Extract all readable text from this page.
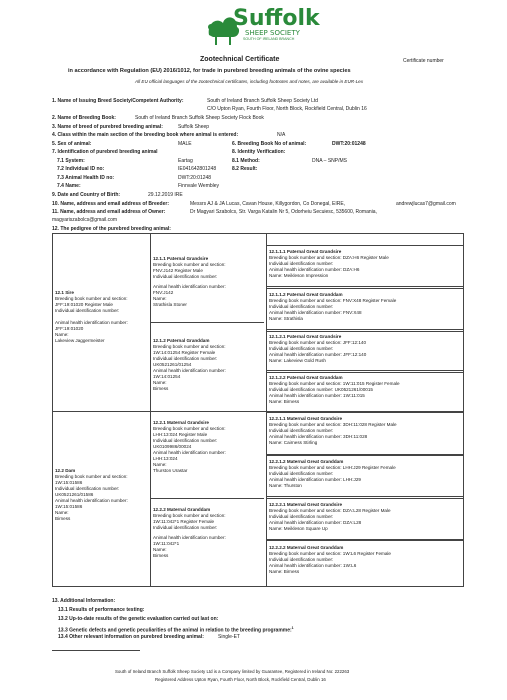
Suffolk
SHEEP SOCIETY
SOUTH OF IRELAND BRANCH
Certificate number
Zootechnical Certificate
in accordance with Regulation (EU) 2016/1012, for trade in purebred breeding animals of the ovine species
All EU official languages of the zootechnical certificates, including footnotes and notes, are available in EUR-Lex
1. Name of Issuing Breed Society/Competent Authority:	South of Ireland Branch Suffolk Sheep Society Ltd
C/O Upton Ryan, Fourth Floor, North Block, Rockfield Central, Dublin 16
2. Name of Breeding Book:	South of Ireland Branch Suffolk Sheep Society Flock Book
3. Name of breed of purebred breeding animal:	Suffolk Sheep
4. Class within the main section of the breeding book where animal is entered:	N/A
5. Sex of animal:	MALE	6. Breeding Book No of animal:	DWT:20:01248
7. Identification of purebred breeding animal	8. Identity Verification:
7.1 System:	Eartag	8.1 Method:	DNA – SNP/MS
7.2 Individual ID no:	IE041642801248	8.2 Result:
7.3 Animal Health ID no:	DWT:20:01248
7.4 Name:	Finnvale Wembley
9. Date and Country of Birth:	29.12.2019 IRE
10. Name, address and email address of Breeder:	Messrs AJ & JA Lucas, Cavan House, Killygordon, Co Donegal, EIRE,	andrewjlucas7@gmail.com
11. Name, address and email address of Owner:	Dr Magyari Szabolcs, Str. Varga Katalin Nr 5, Odorheiu Secuiesc, 535600, Romania,
magyariszabolcs@gmail.com
12. The pedigree of the purebred breeding animal:
12.1 Sire
Breeding book number and section:
JFF:19:01020 Register Male
Individual identification number:
Animal health identification number:
JFF:19:01020
Name:
Lakeview Jaggermeister
12.2 Dam
Breeding book number and section:
1W:15:01586
Individual identification number:
UK0521261/01586
Animal health identification number:
1W:15:01586
Name:
Birness
12.1.1 Paternal Grandsire
Breeding book number and section:
FNV:J142 Register Male
Individual identification number:
Animal health identification number:
FNV:J142
Name:
Strathisla Stoner
12.1.2 Paternal Granddam
Breeding book number and section:
1W:14:01254 Register Female
Individual identification number:
UK0521261/01254
Animal health identification number:
1W:14:01254
Name:
Birness
12.2.1 Maternal Grandsire
Breeding book number and section:
LHH:13:024 Register Male
Individual identification number:
UK0109986/00024
Animal health identification number:
LHH:13:024
Name:
Thurston Urastar
12.2.2 Maternal Granddam
Breeding book number and section:
1W:11:042*1 Register Female
Individual identification number:
Animal health identification number:
1W:11:042*1
Name:
Birness
12.1.1.1 Paternal Great Grandsire
Breeding book number and section: DZA:H6 Register Male
Individual identification number:
Animal health identification number: DZA:H6
Name: Meikleson Impression
12.1.1.2 Paternal Great Granddam
Breeding book number and section: FNV:X48 Register Female
Individual identification number:
Animal health identification number: FNV:X48
Name: Strathisla
12.1.2.1 Paternal Great Grandsire
Breeding book number and section: JFF:12:140
Individual identification number:
Animal health identification number: JFF:12:140
Name: Lakeview Gold Rush
12.1.2.2 Paternal Great Granddam
Breeding book number and section: 1W:11:015 Register Female
Individual identification number: UK0521261/00015
Animal health identification number: 1W:11:015
Name: Birness
12.2.1.1 Maternal Great Grandsire
Breeding book number and section: 3DH:11:028 Register Male
Individual identification number:
Animal health identification number: 3DH:11:028
Name: Cairness Stirling
12.2.1.2 Maternal Great Granddam
Breeding book number and section: LHH:J29 Register Female
Individual identification number:
Animal health identification number: LHH:J29
Name: Thurston
12.2.2.1 Maternal Great Grandsire
Breeding book number and section: DZA:L28 Register Male
Individual identification number:
Animal health identification number: DZA:L28
Name: Meikleson Square Up
12.2.2.2 Maternal Great Granddam
Breeding book number and section: 1W:L6 Register Female
Individual identification number:
Animal health identification number: 1W:L6
Name: Birness
13. Additional Information:
13.1 Results of performance testing:
13.2 Up-to-date results of the genetic evaluation carried out last on:
13.3 Genetic defects and genetic peculiarities of the animal in relation to the breeding programme:$^1$
13.4 Other relevant information on purebred breeding animal:	Single-ET
South of Ireland Branch Suffolk Sheep Society Ltd is a Company limited by Guarantee, Registered in Ireland No: 222263
Registered Address Upton Ryan, Fourth Floor, North Block, Rockfield Central, Dublin 16
